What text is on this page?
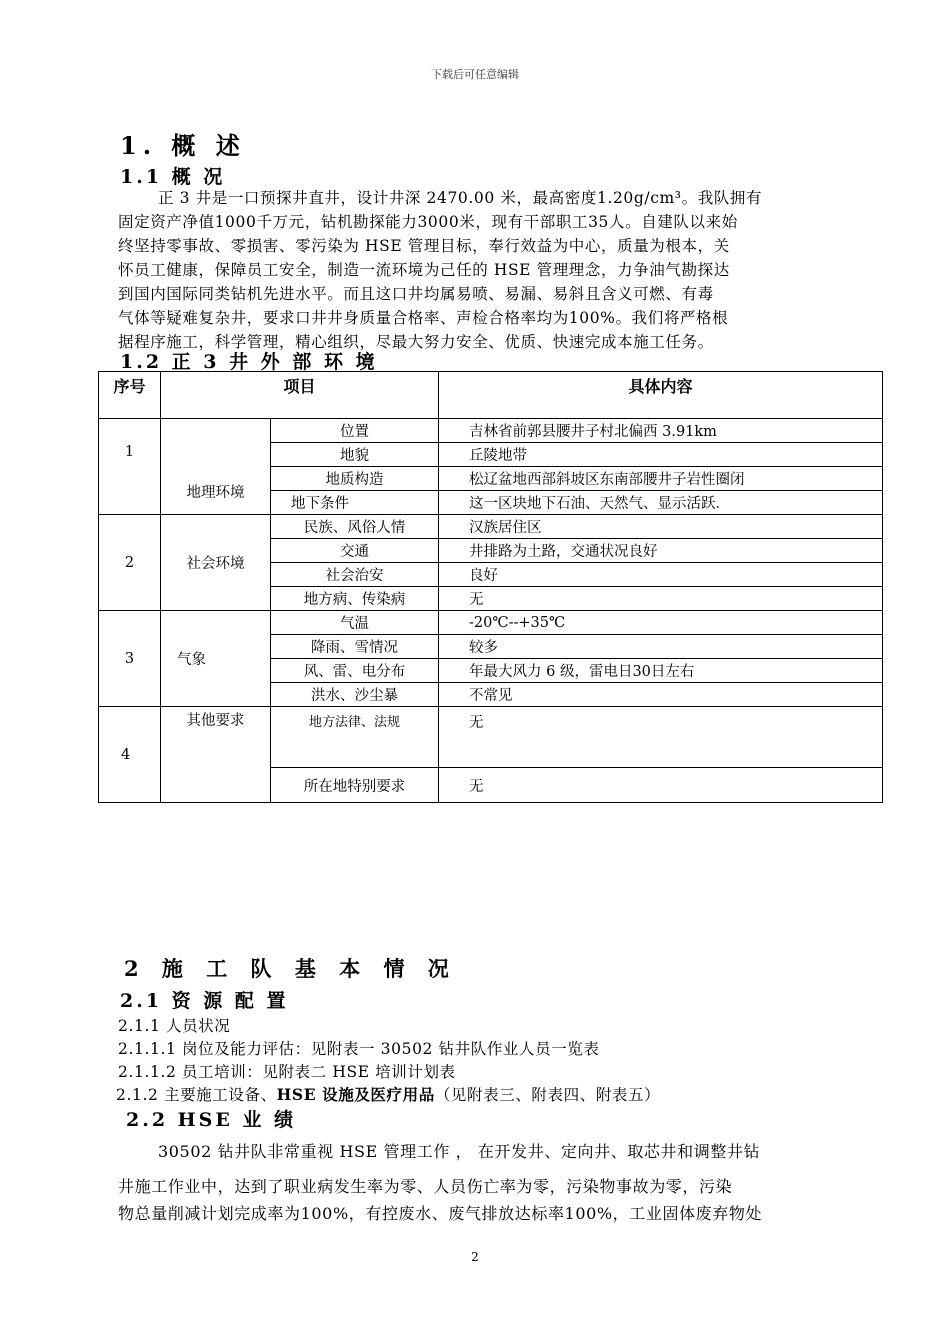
下载后可任意编辑
1. 概 述
1.1 概 况
正 3 井是一口预探井直井，设计井深 2470.00 米，最高密度1.20g/cm³。我队拥有
固定资产净值1000千万元，钻机勘探能力3000米，现有干部职工35人。自建队以来始
终坚持零事故、零损害、零污染为 HSE 管理目标，奉行效益为中心，质量为根本，关
怀员工健康，保障员工安全，制造一流环境为己任的 HSE 管理理念，力争油气勘探达
到国内国际同类钻机先进水平。而且这口井均属易喷、易漏、易斜且含义可燃、有毒
气体等疑难复杂井，要求口井井身质量合格率、声检合格率均为100%。我们将严格根
据程序施工，科学管理，精心组织，尽最大努力安全、优质、快速完成本施工任务。
1.2 正 3 井 外 部 环 境
序号	项目		具体内容
1	地理环境	位置	吉林省前郭县腰井子村北偏西 3.91km
		地貌	丘陵地带
		地质构造	松辽盆地西部斜坡区东南部腰井子岩性圈闭
		地下条件	这一区块地下石油、天然气、显示活跃．
2	社会环境	民族、风俗人情	汉族居住区
		交通	井排路为土路，交通状况良好
		社会治安	良好
		地方病、传染病	无
3	气象	气温	-20℃--+35℃
		降雨、雪情况	较多
		风、雷、电分布	年最大风力 6 级，雷电日30日左右
		洪水、沙尘暴	不常见
4	其他要求	地方法律、法规	无
		所在地特别要求	无
2 施 工 队 基 本 情 况
2.1 资 源 配 置
2.1.1 人员状况
2.1.1.1 岗位及能力评估：见附表一 30502 钻井队作业人员一览表
2.1.1.2 员工培训：见附表二 HSE 培训计划表
2.1.2 主要施工设备、HSE 设施及医疗用品（见附表三、附表四、附表五）
2.2 HSE 业 绩
30502 钻井队非常重视 HSE 管理工作 ， 在开发井、定向井、取芯井和调整井钻
井施工作业中，达到了职业病发生率为零、人员伤亡率为零，污染物事故为零，污染
物总量削减计划完成率为100%，有控废水、废气排放达标率100%，工业固体废弃物处
2
